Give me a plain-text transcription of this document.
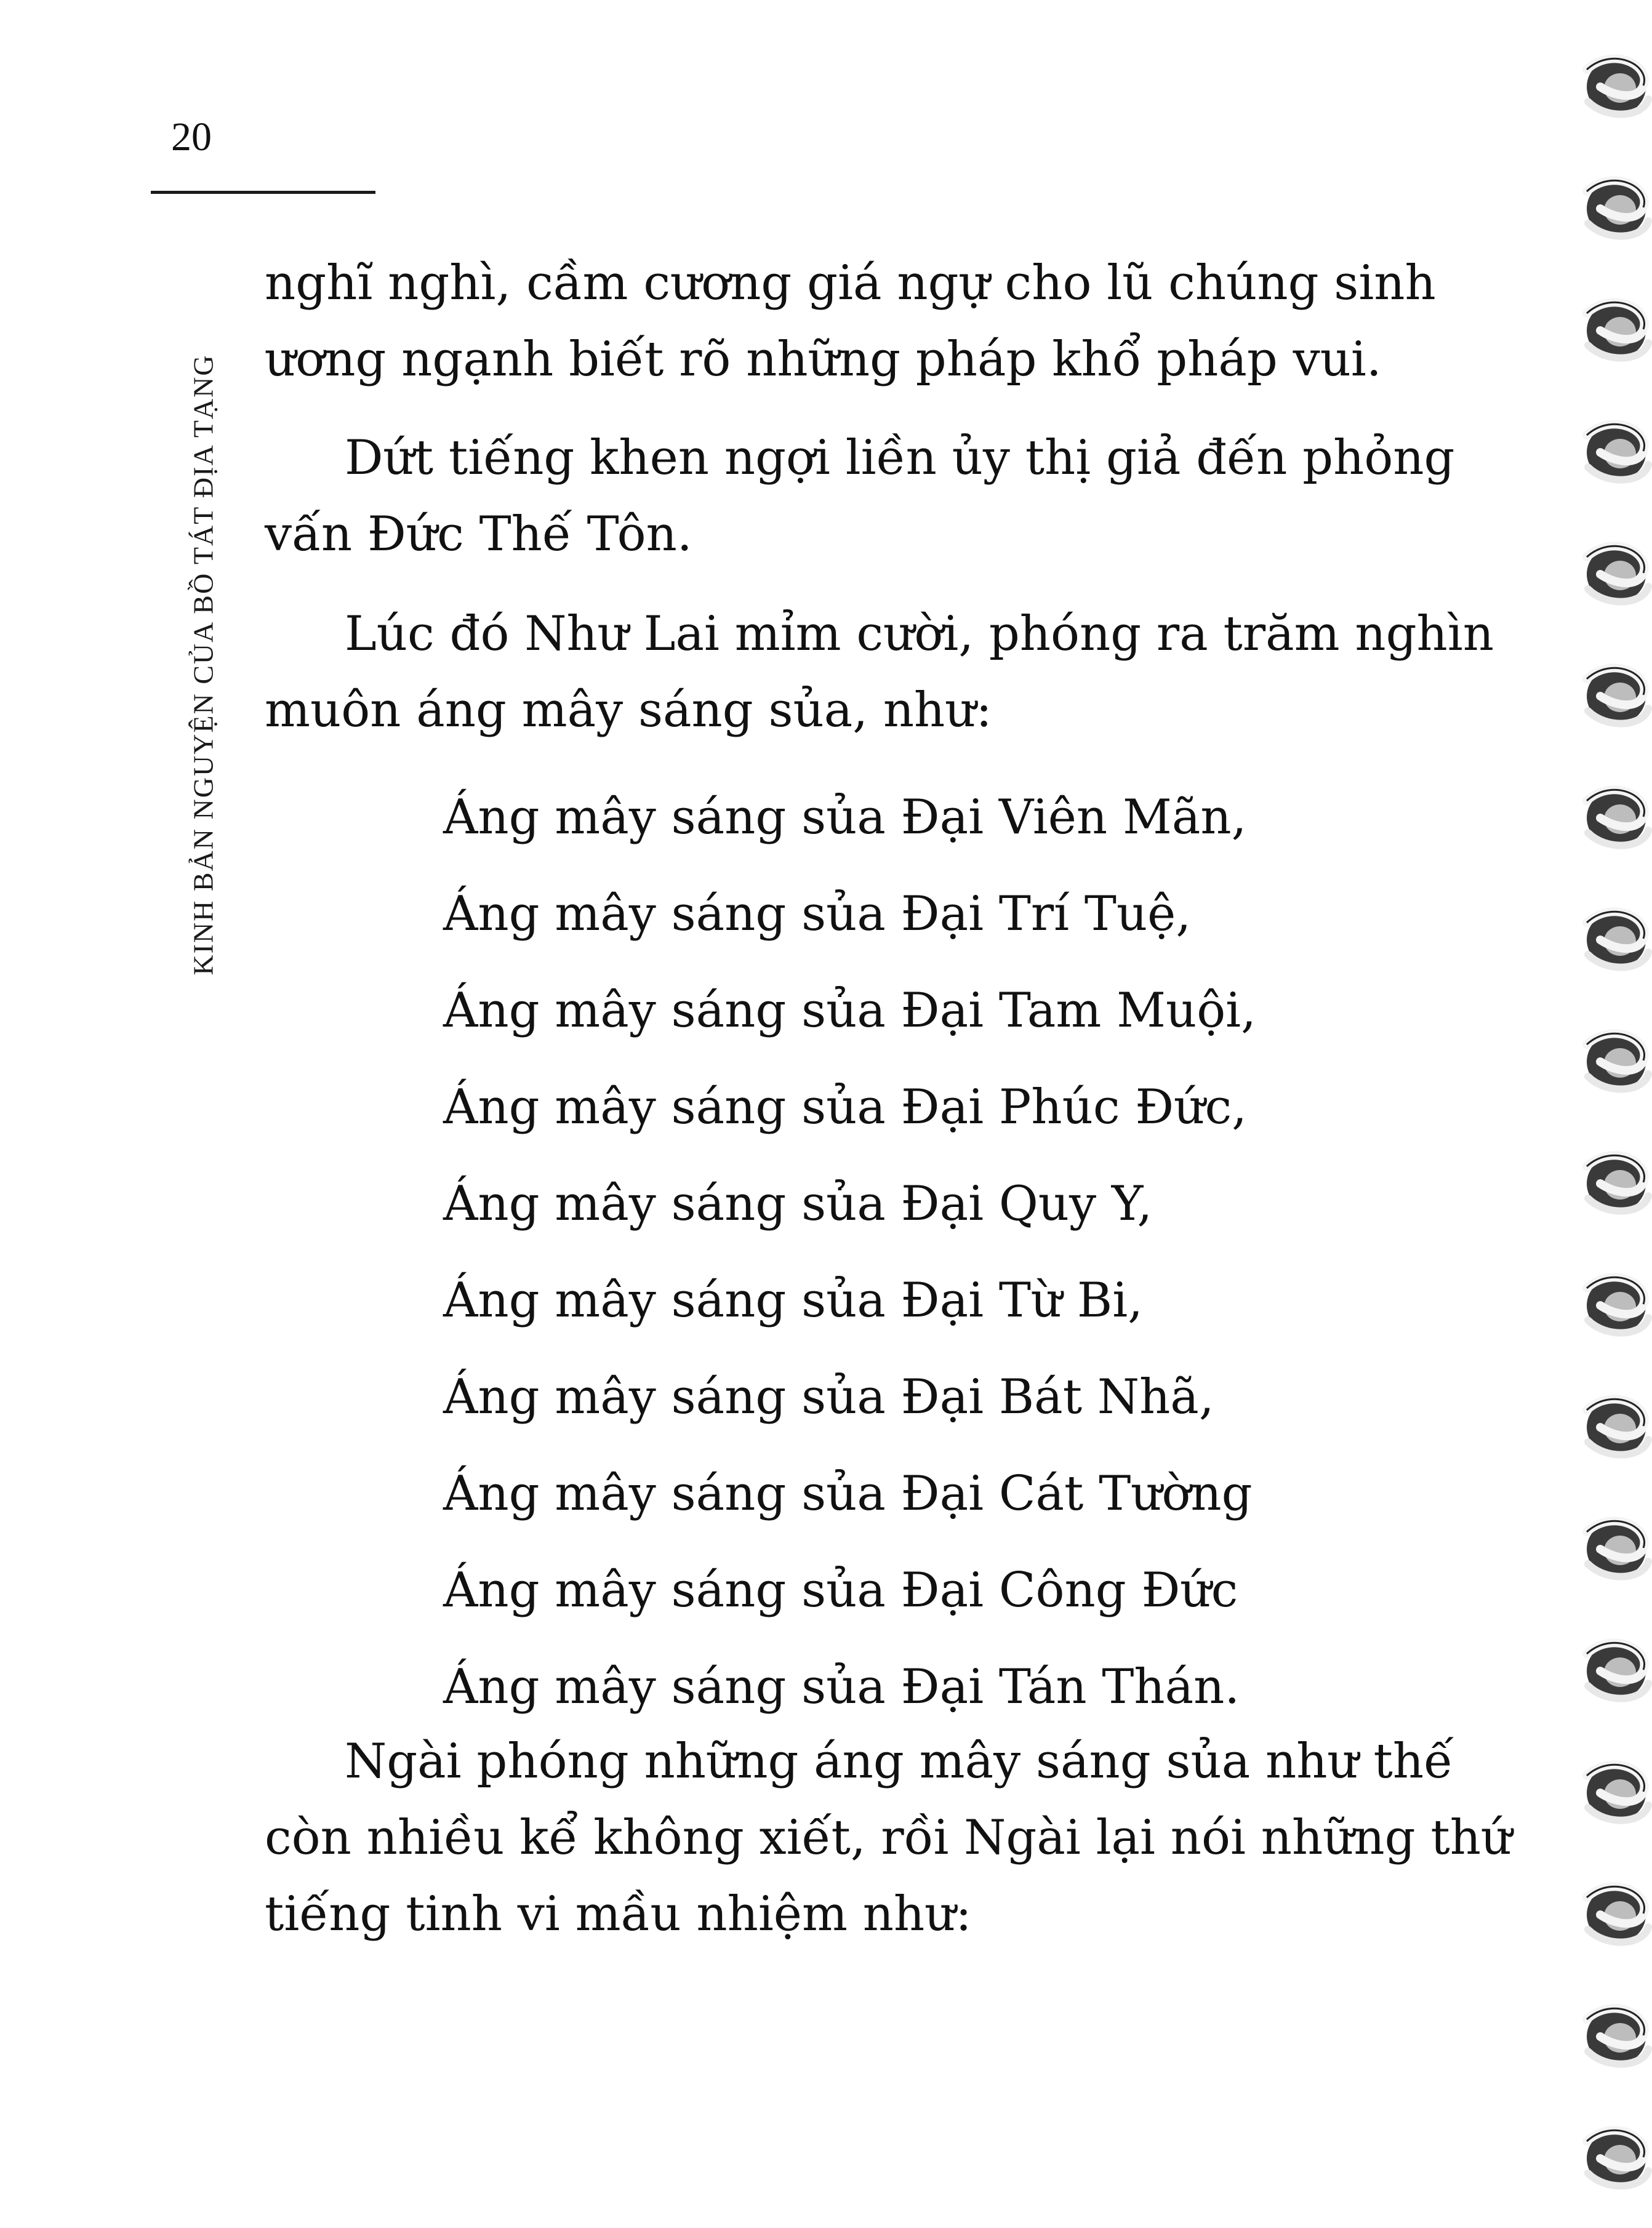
20
KINH BẢN NGUYỆN CỦA BỒ TÁT ĐỊA TẠNG
nghĩ nghì, cầm cương giá ngự cho lũ chúng sinh
ương ngạnh biết rõ những pháp khổ pháp vui.
Dứt tiếng khen ngợi liền ủy thị giả đến phỏng
vấn Đức Thế Tôn.
Lúc đó Như Lai mỉm cười, phóng ra trăm nghìn
muôn áng mây sáng sủa, như:
Áng mây sáng sủa Đại Viên Mãn,
Áng mây sáng sủa Đại Trí Tuệ,
Áng mây sáng sủa Đại Tam Muội,
Áng mây sáng sủa Đại Phúc Đức,
Áng mây sáng sủa Đại Quy Y,
Áng mây sáng sủa Đại Từ Bi,
Áng mây sáng sủa Đại Bát Nhã,
Áng mây sáng sủa Đại Cát Tường
Áng mây sáng sủa Đại Công Đức
Áng mây sáng sủa Đại Tán Thán.
Ngài phóng những áng mây sáng sủa như thế
còn nhiều kể không xiết, rồi Ngài lại nói những thứ
tiếng tinh vi mầu nhiệm như:
